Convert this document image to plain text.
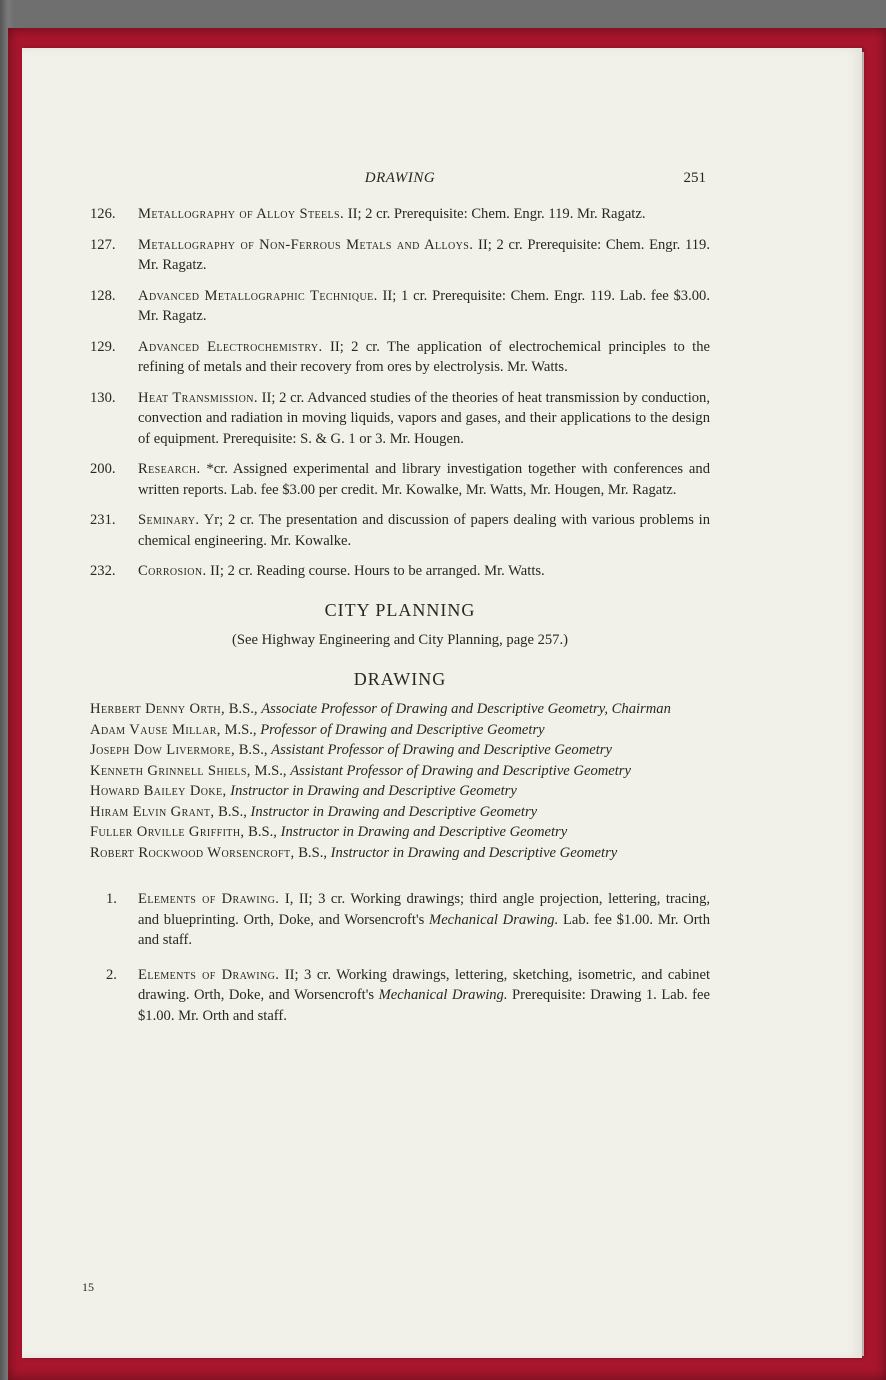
DRAWING	251
126. Metallography of Alloy Steels. II; 2 cr. Prerequisite: Chem. Engr. 119. Mr. Ragatz.
127. Metallography of Non-Ferrous Metals and Alloys. II; 2 cr. Prerequisite: Chem. Engr. 119. Mr. Ragatz.
128. Advanced Metallographic Technique. II; 1 cr. Prerequisite: Chem. Engr. 119. Lab. fee $3.00. Mr. Ragatz.
129. Advanced Electrochemistry. II; 2 cr. The application of electrochemical principles to the refining of metals and their recovery from ores by electrolysis. Mr. Watts.
130. Heat Transmission. II; 2 cr. Advanced studies of the theories of heat transmission by conduction, convection and radiation in moving liquids, vapors and gases, and their applications to the design of equipment. Prerequisite: S. & G. 1 or 3. Mr. Hougen.
200. Research. *cr. Assigned experimental and library investigation together with conferences and written reports. Lab. fee $3.00 per credit. Mr. Kowalke, Mr. Watts, Mr. Hougen, Mr. Ragatz.
231. Seminary. Yr; 2 cr. The presentation and discussion of papers dealing with various problems in chemical engineering. Mr. Kowalke.
232. Corrosion. II; 2 cr. Reading course. Hours to be arranged. Mr. Watts.
CITY PLANNING
(See Highway Engineering and City Planning, page 257.)
DRAWING
Herbert Denny Orth, B.S., Associate Professor of Drawing and Descriptive Geometry, Chairman
Adam Vause Millar, M.S., Professor of Drawing and Descriptive Geometry
Joseph Dow Livermore, B.S., Assistant Professor of Drawing and Descriptive Geometry
Kenneth Grinnell Shiels, M.S., Assistant Professor of Drawing and Descriptive Geometry
Howard Bailey Doke, Instructor in Drawing and Descriptive Geometry
Hiram Elvin Grant, B.S., Instructor in Drawing and Descriptive Geometry
Fuller Orville Griffith, B.S., Instructor in Drawing and Descriptive Geometry
Robert Rockwood Worsencroft, B.S., Instructor in Drawing and Descriptive Geometry
1. Elements of Drawing. I, II; 3 cr. Working drawings; third angle projection, lettering, tracing, and blueprinting. Orth, Doke, and Worsencroft's Mechanical Drawing. Lab. fee $1.00. Mr. Orth and staff.
2. Elements of Drawing. II; 3 cr. Working drawings, lettering, sketching, isometric, and cabinet drawing. Orth, Doke, and Worsencroft's Mechanical Drawing. Prerequisite: Drawing 1. Lab. fee $1.00. Mr. Orth and staff.
15
